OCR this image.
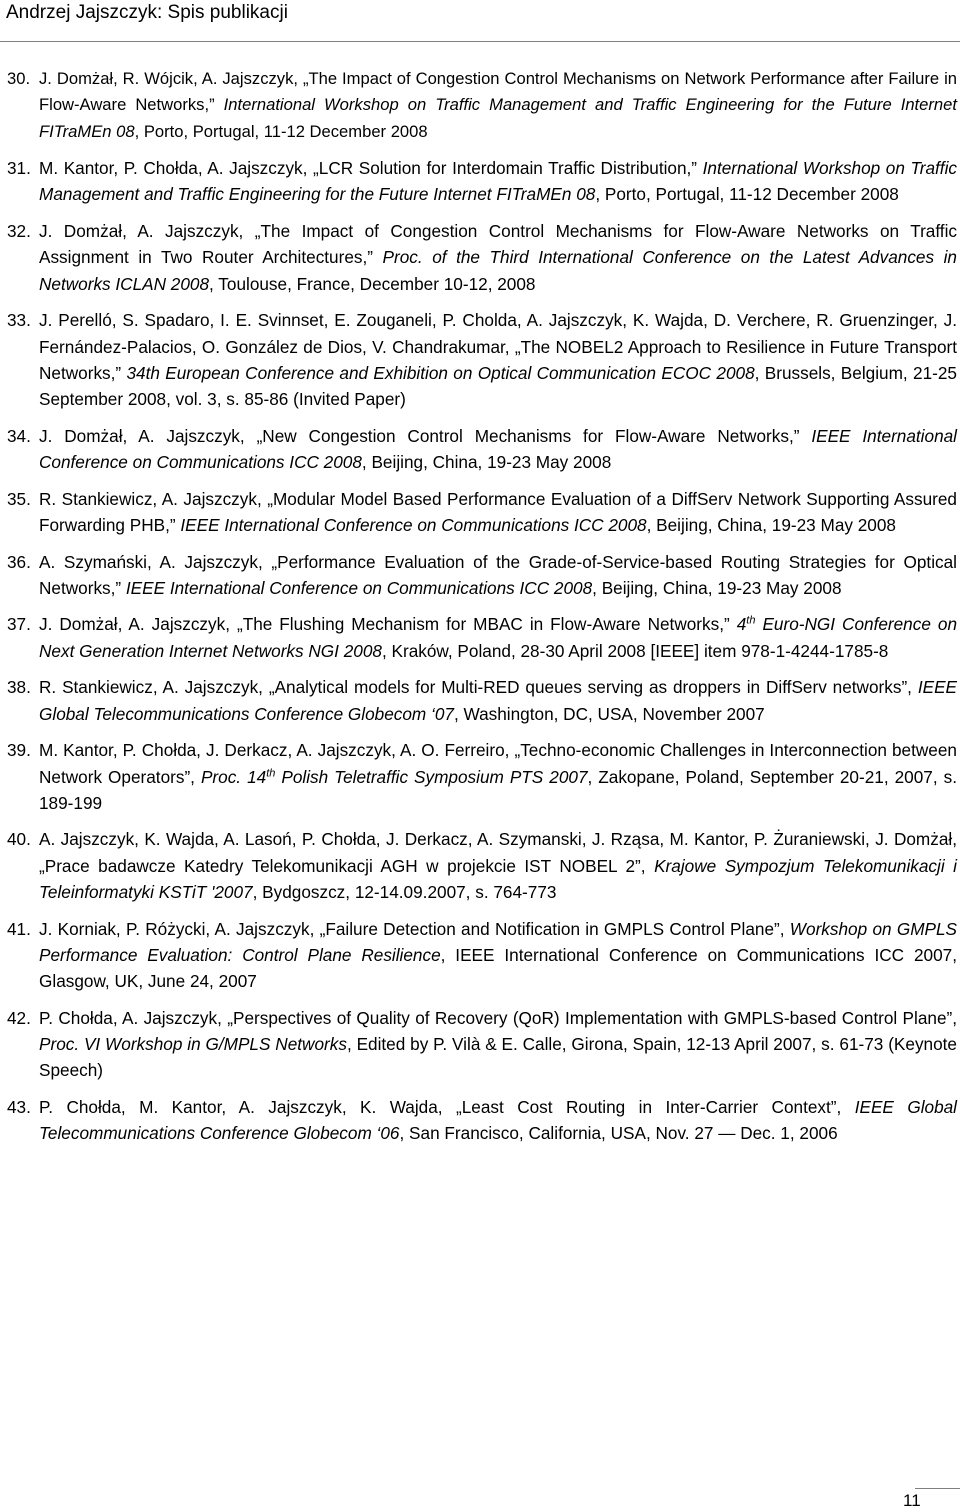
Andrzej Jajszczyk: Spis publikacji
30. J. Domżał, R. Wójcik, A. Jajszczyk, „The Impact of Congestion Control Mechanisms on Network Performance after Failure in Flow-Aware Networks,” International Workshop on Traffic Management and Traffic Engineering for the Future Internet FITraMEn 08, Porto, Portugal, 11-12 December 2008
31. M. Kantor, P. Chołda, A. Jajszczyk, „LCR Solution for Interdomain Traffic Distribution,” International Workshop on Traffic Management and Traffic Engineering for the Future Internet FITraMEn 08, Porto, Portugal, 11-12 December 2008
32. J. Domżał, A. Jajszczyk, „The Impact of Congestion Control Mechanisms for Flow-Aware Networks on Traffic Assignment in Two Router Architectures,” Proc. of the Third International Conference on the Latest Advances in Networks ICLAN 2008, Toulouse, France, December 10-12, 2008
33. J. Perelló, S. Spadaro, I. E. Svinnset, E. Zouganeli, P. Cholda, A. Jajszczyk, K. Wajda, D. Verchere, R. Gruenzinger, J. Fernández-Palacios, O. González de Dios, V. Chandrakumar, „The NOBEL2 Approach to Resilience in Future Transport Networks,” 34th European Conference and Exhibition on Optical Communication ECOC 2008, Brussels, Belgium, 21-25 September 2008, vol. 3, s. 85-86 (Invited Paper)
34. J. Domżał, A. Jajszczyk, „New Congestion Control Mechanisms for Flow-Aware Networks,” IEEE International Conference on Communications ICC 2008, Beijing, China, 19-23 May 2008
35. R. Stankiewicz, A. Jajszczyk, „Modular Model Based Performance Evaluation of a DiffServ Network Supporting Assured Forwarding PHB,” IEEE International Conference on Communications ICC 2008, Beijing, China, 19-23 May 2008
36. A. Szymański, A. Jajszczyk, „Performance Evaluation of the Grade-of-Service-based Routing Strategies for Optical Networks,” IEEE International Conference on Communications ICC 2008, Beijing, China, 19-23 May 2008
37. J. Domżał, A. Jajszczyk, „The Flushing Mechanism for MBAC in Flow-Aware Networks,” 4th Euro-NGI Conference on Next Generation Internet Networks NGI 2008, Kraków, Poland, 28-30 April 2008 [IEEE] item 978-1-4244-1785-8
38. R. Stankiewicz, A. Jajszczyk, „Analytical models for Multi-RED queues serving as droppers in DiffServ networks”, IEEE Global Telecommunications Conference Globecom ‘07, Washington, DC, USA, November 2007
39. M. Kantor, P. Chołda, J. Derkacz, A. Jajszczyk, A. O. Ferreiro, „Techno-economic Challenges in Interconnection between Network Operators”, Proc. 14th Polish Teletraffic Symposium PTS 2007, Zakopane, Poland, September 20-21, 2007, s. 189-199
40. A. Jajszczyk, K. Wajda, A. Lasoń, P. Chołda, J. Derkacz, A. Szymanski, J. Rząsa, M. Kantor, P. Żuraniewski, J. Domżał, „Prace badawcze Katedry Telekomunikacji AGH w projekcie IST NOBEL 2”, Krajowe Sympozjum Telekomunikacji i Teleinformatyki KSTiT '2007, Bydgoszcz, 12-14.09.2007, s. 764-773
41. J. Korniak, P. Różycki, A. Jajszczyk, „Failure Detection and Notification in GMPLS Control Plane”, Workshop on GMPLS Performance Evaluation: Control Plane Resilience, IEEE International Conference on Communications ICC 2007, Glasgow, UK, June 24, 2007
42. P. Chołda, A. Jajszczyk, „Perspectives of Quality of Recovery (QoR) Implementation with GMPLS-based Control Plane”, Proc. VI Workshop in G/MPLS Networks, Edited by P. Vilà & E. Calle, Girona, Spain, 12-13 April 2007, s. 61-73 (Keynote Speech)
43. P. Chołda, M. Kantor, A. Jajszczyk, K. Wajda, „Least Cost Routing in Inter-Carrier Context”, IEEE Global Telecommunications Conference Globecom ‘06, San Francisco, California, USA, Nov. 27 — Dec. 1, 2006
11
